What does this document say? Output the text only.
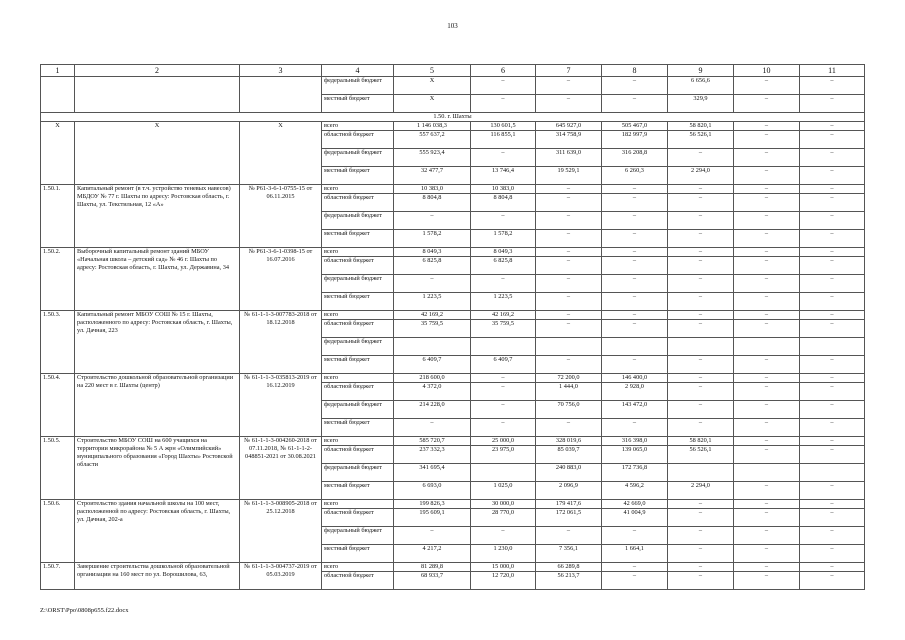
103
1	2	3	4	5	6	7	8	9	10	11
			федеральный бюджет	Х	–	–	–	6 656,6	–	–
			местный бюджет	Х	–	–	–	329,9	–	–
1.50. г. Шахты										
Х	Х	Х	всего	1 146 038,3	130 601,5	645 927,0	505 467,0	58 820,1	–	–
			областной бюджет	557 637,2	116 855,1	314 758,9	182 997,9	56 526,1	–	–
			федеральный бюджет	555 923,4	–	311 639,0	316 208,8	–	–	–
			местный бюджет	32 477,7	13 746,4	19 529,1	6 260,3	2 294,0	–	–
1.50.1.	Капитальный ремонт (в т.ч. устройство теневых навесов) МБДОУ № 77 г. Шахты по адресу: Ростовская область, г. Шахты, ул. Текстильная, 12 «А»	№ Р61-3-6-1-0755-15 от 06.11.2015	всего	10 383,0	10 383,0	–	–	–	–	–
			областной бюджет	8 804,8	8 804,8	–	–	–	–	–
			федеральный бюджет	–	–	–	–	–	–	–
			местный бюджет	1 578,2	1 578,2	–	–	–	–	–
1.50.2.	Выборочный капитальный ремонт зданий МБОУ «Начальная школа – детский сад» № 46 г. Шахты по адресу: Ростовская область, г. Шахты, ул. Державина, 34	№ Р61-3-6-1-0398-15 от 16.07.2016	всего	8 049,3	8 049,3	–	–	–	–	–
			областной бюджет	6 825,8	6 825,8	–	–	–	–	–
			федеральный бюджет	–	–	–	–	–	–	–
			местный бюджет	1 223,5	1 223,5	–	–	–	–	–
1.50.3.	Капитальный ремонт МБОУ СОШ № 15 г. Шахты, расположенного по адресу: Ростовская область, г. Шахты, ул. Дачная, 223	№ 61-1-1-3-007783-2018 от 18.12.2018	всего	42 169,2	42 169,2	–	–	–	–	–
			областной бюджет	35 759,5	35 759,5	–	–	–	–	–
			федеральный бюджет							
			местный бюджет	6 409,7	6 409,7	–	–	–	–	–
1.50.4.	Строительство дошкольной образовательной организации на 220 мест в г. Шахты (центр)	№ 61-1-1-3-035813-2019 от 16.12.2019	всего	218 600,0	–	72 200,0	146 400,0	–	–	–
			областной бюджет	4 372,0	–	1 444,0	2 928,0	–	–	–
			федеральный бюджет	214 228,0	–	70 756,0	143 472,0	–	–	–
			местный бюджет	–	–	–	–	–	–	–
1.50.5.	Строительство МБОУ СОШ на 600 учащихся на территории микрорайона № 5 А жрн «Олимпийский» муниципального образования «Город Шахты» Ростовской области	№ 61-1-1-3-004260-2018 от 07.11.2018, № 61-1-1-2-048851-2021 от 30.08.2021	всего	585 720,7	25 000,0	328 019,6	316 398,0	58 820,1	–	–
			областной бюджет	237 332,3	23 975,0	85 039,7	139 065,0	56 526,1	–	–
			федеральный бюджет	341 695,4		240 883,0	172 736,8			
			местный бюджет	6 693,0	1 025,0	2 096,9	4 596,2	2 294,0	–	–
1.50.6.	Строительство здания начальной школы на 100 мест, расположенной по адресу: Ростовская область, г. Шахты, ул. Дачная, 202-а	№ 61-1-1-3-008905-2018 от 25.12.2018	всего	199 826,3	30 000,0	179 417,6	42 669,0	–	–	–
			областной бюджет	195 609,1	28 770,0	172 061,5	41 004,9	–	–	–
			федеральный бюджет	–	–	–	–	–	–	–
			местный бюджет	4 217,2	1 230,0	7 356,1	1 664,1	–	–	–
1.50.7.	Завершение строительства дошкольной образовательной организации на 160 мест по ул. Ворошилова, 63,	№ 61-1-1-3-004737-2019 от 05.03.2019	всего	81 289,8	15 000,0	66 289,8	–	–	–	–
			областной бюджет	68 933,7	12 720,0	56 213,7	–	–	–	–
Z:\ORST\Ppo\0808p655.f22.docx
